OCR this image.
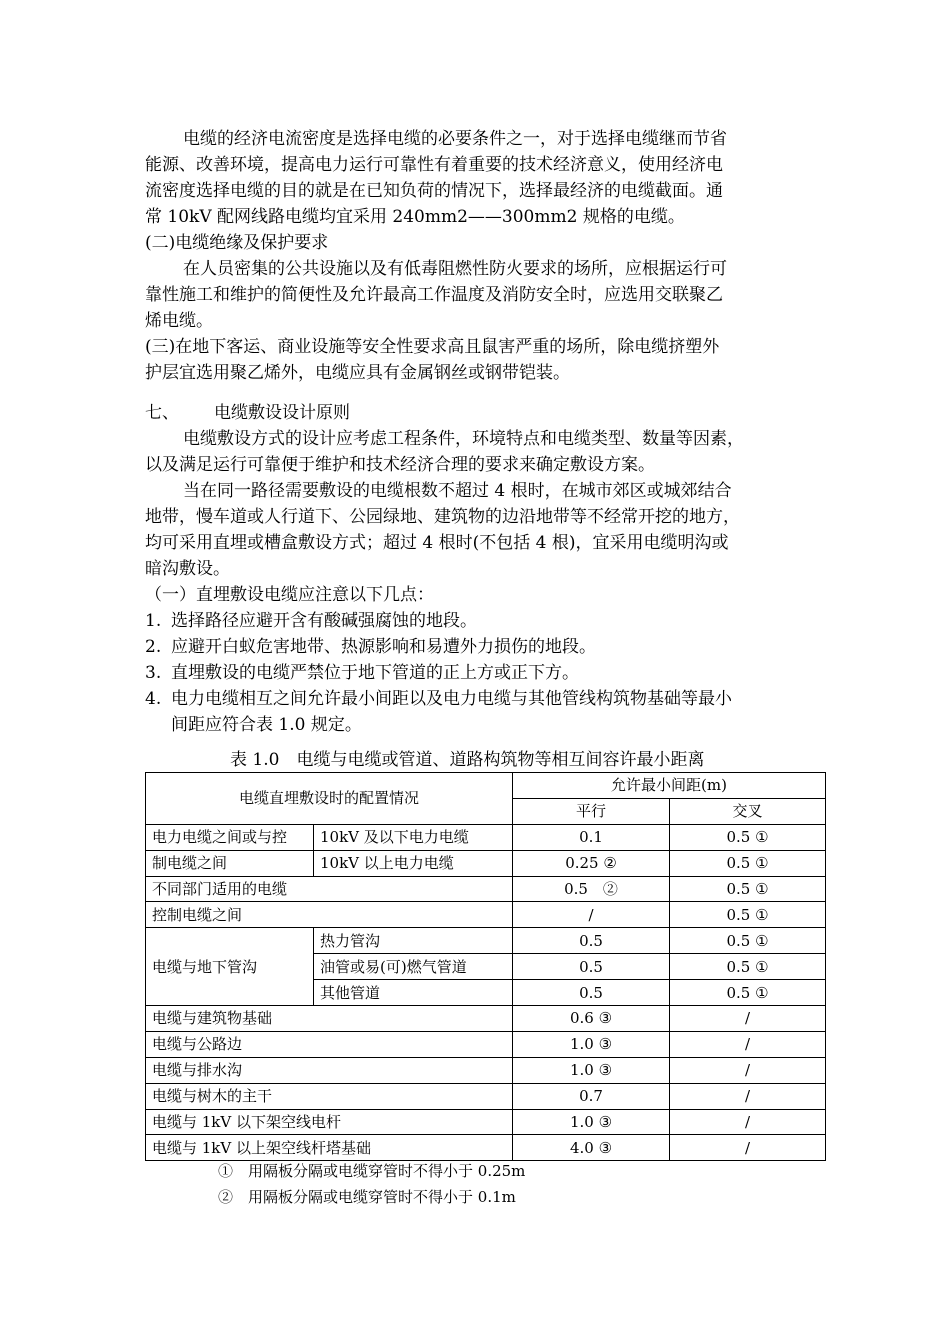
电缆的经济电流密度是选择电缆的必要条件之一，对于选择电缆继而节省
能源、改善环境，提高电力运行可靠性有着重要的技术经济意义，使用经济电
流密度选择电缆的目的就是在已知负荷的情况下，选择最经济的电缆截面。通
常 10kV 配网线路电缆均宜采用 240mm2——300mm2 规格的电缆。
(二)电缆绝缘及保护要求
在人员密集的公共设施以及有低毒阻燃性防火要求的场所，应根据运行可
靠性施工和维护的简便性及允许最高工作温度及消防安全时，应选用交联聚乙
烯电缆。
(三)在地下客运、商业设施等安全性要求高且鼠害严重的场所，除电缆挤塑外
护层宜选用聚乙烯外，电缆应具有金属钢丝或钢带铠装。
七、 电缆敷设设计原则
电缆敷设方式的设计应考虑工程条件，环境特点和电缆类型、数量等因素，
以及满足运行可靠便于维护和技术经济合理的要求来确定敷设方案。
当在同一路径需要敷设的电缆根数不超过 4 根时，在城市郊区或城郊结合
地带，慢车道或人行道下、公园绿地、建筑物的边沿地带等不经常开挖的地方，
均可采用直埋或槽盒敷设方式；超过 4 根时(不包括 4 根)，宜采用电缆明沟或
暗沟敷设。
（一）直埋敷设电缆应注意以下几点：
1. 选择路径应避开含有酸碱强腐蚀的地段。
2. 应避开白蚁危害地带、热源影响和易遭外力损伤的地段。
3. 直埋敷设的电缆严禁位于地下管道的正上方或正下方。
4. 电力电缆相互之间允许最小间距以及电力电缆与其他管线构筑物基础等最小
间距应符合表 1.0 规定。
表 1.0　电缆与电缆或管道、道路构筑物等相互间容许最小距离
电缆直埋敷设时的配置情况		允许最小间距(m)	
		平行	交叉
电力电缆之间或与控	10kV 及以下电力电缆	0.1	0.5 ①
制电缆之间	10kV 以上电力电缆	0.25 ②	0.5 ①
不同部门适用的电缆		0.5　②	0.5 ①
控制电缆之间		/	0.5 ①
电缆与地下管沟	热力管沟	0.5	0.5 ①
	油管或易(可)燃气管道	0.5	0.5 ①
	其他管道	0.5	0.5 ①
电缆与建筑物基础		0.6 ③	/
电缆与公路边		1.0 ③	/
电缆与排水沟		1.0 ③	/
电缆与树木的主干		0.7	/
电缆与 1kV 以下架空线电杆		1.0 ③	/
电缆与 1kV 以上架空线杆塔基础		4.0 ③	/
①　用隔板分隔或电缆穿管时不得小于 0.25m
②　用隔板分隔或电缆穿管时不得小于 0.1m
